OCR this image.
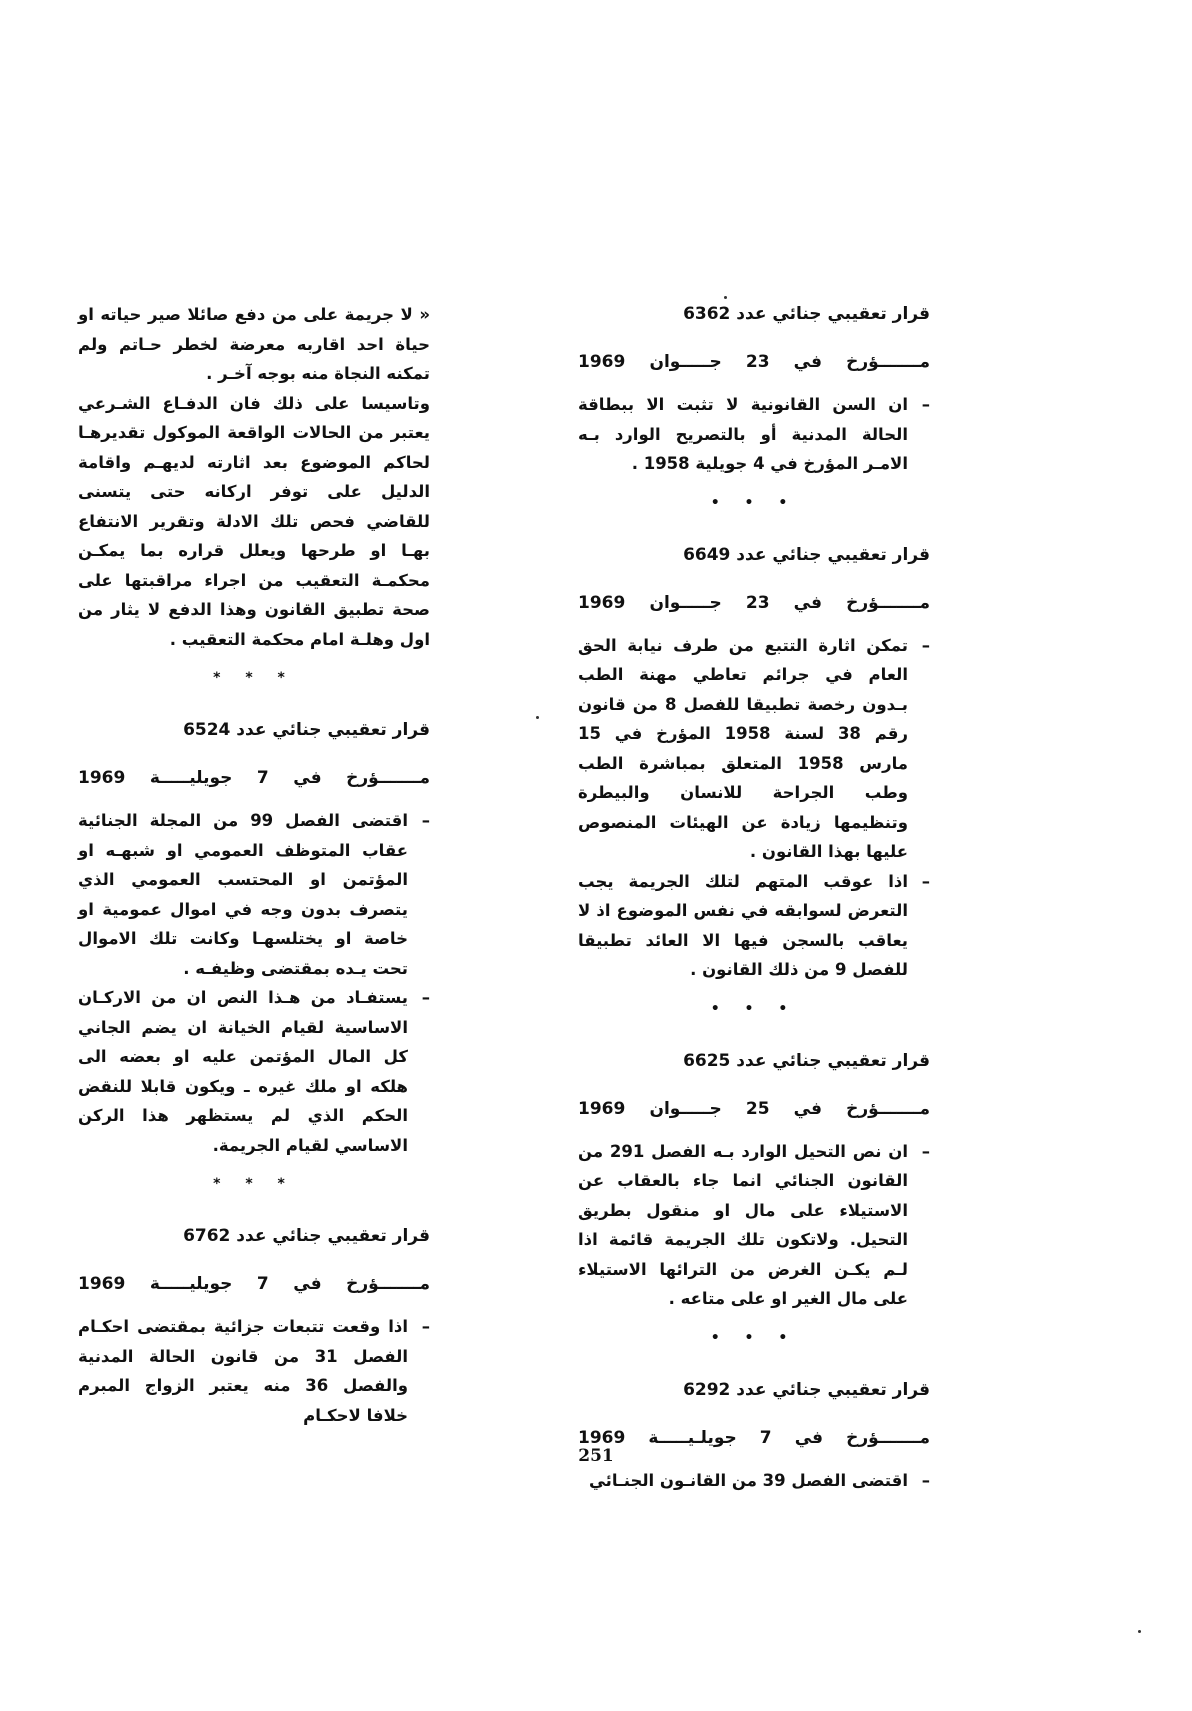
قرار تعقيبي جنائي عدد 6362
مـــــــؤرخ في 23 جـــــوان 1969

– ان السن القانونية لا تثبت الا ببطاقة الحالة المدنية أو بالتصريح الوارد بـه الامـر المؤرخ في 4 جويلية 1958 .

• • •
قرار تعقيبي جنائي عدد 6649
مـــــــؤرخ في 23 جـــــوان 1969

– تمكن اثارة التتبع من طرف نيابة الحق العام في جرائم تعاطي مهنة الطب بـدون رخصة تطبيقا للفصل 8 من قانون رقم 38 لسنة 1958 المؤرخ في 15 مارس 1958 المتعلق بمباشرة الطب وطب الجراحة للانسان والبيطرة وتنظيمها زيادة عن الهيئات المنصوص عليها بهذا القانون .

– اذا عوقب المتهم لتلك الجريمة يجب التعرض لسوابقه في نفس الموضوع اذ لا يعاقب بالسجن فيها الا العائد تطبيقا للفصل 9 من ذلك القانون .

• • •
قرار تعقيبي جنائي عدد 6625
مـــــــؤرخ في 25 جـــــوان 1969

– ان نص التحيل الوارد بـه الفصل 291 من القانون الجنائي انما جاء بالعقاب عن الاستيلاء على مال او منقول بطريق التحيل. ولاتكون تلك الجريمة قائمة اذا لـم يكـن الغرض من الترائها الاستيلاء على مال الغير او على متاعه .

• • •
قرار تعقيبي جنائي عدد 6292
مـــــــؤرخ في 7 جويلـيـــــة 1969

– اقتضى الفصل 39 من القانـون الجنـائي

« لا جريمة على من دفع صائلا صير حياته او حياة احد اقاربه معرضة لخطر حـاتم ولم تمكنه النجاة منه بوجه آخـر .

وتاسيسا على ذلك فان الدفـاع الشـرعي يعتبر من الحالات الواقعة الموكول تقديرهـا لحاكم الموضوع بعد اثارته لديهـم واقامة الدليل على توفر اركانه حتى يتسنى للقاضي فحص تلك الادلة وتقرير الانتفاع بهـا او طرحها ويعلل قراره بما يمكـن محكمـة التعقيب من اجراء مراقبتها على صحة تطبيق القانون وهذا الدفع لا يثار من اول وهلـة امام محكمة التعقيب .

* * *
قرار تعقيبي جنائي عدد 6524
مـــــــؤرخ في 7 جويليـــــة 1969

– اقتضى الفصل 99 من المجلة الجنائية عقاب المتوظف العمومي او شبهـه او المؤتمن او المحتسب العمومي الذي يتصرف بدون وجه في اموال عمومية او خاصة او يختلسهـا وكانت تلك الاموال تحت يـده بمقتضى وظيفـه .

– يستفـاد من هـذا النص ان من الاركـان الاساسية لقيام الخيانة ان يضم الجاني كل المال المؤتمن عليه او بعضه الى هلكه او ملك غيره ـ ويكون قابلا للنقض الحكم الذي لم يستظهر هذا الركن الاساسي لقيام الجريمة.

* * *
قرار تعقيبي جنائي عدد 6762
مـــــــؤرخ في 7 جويليـــــة 1969

– اذا وقعت تتبعات جزائية بمقتضى احكـام الفصل 31 من قانون الحالة المدنية والفصل 36 منه يعتبر الزواج المبرم خلافا لاحكـام

251
